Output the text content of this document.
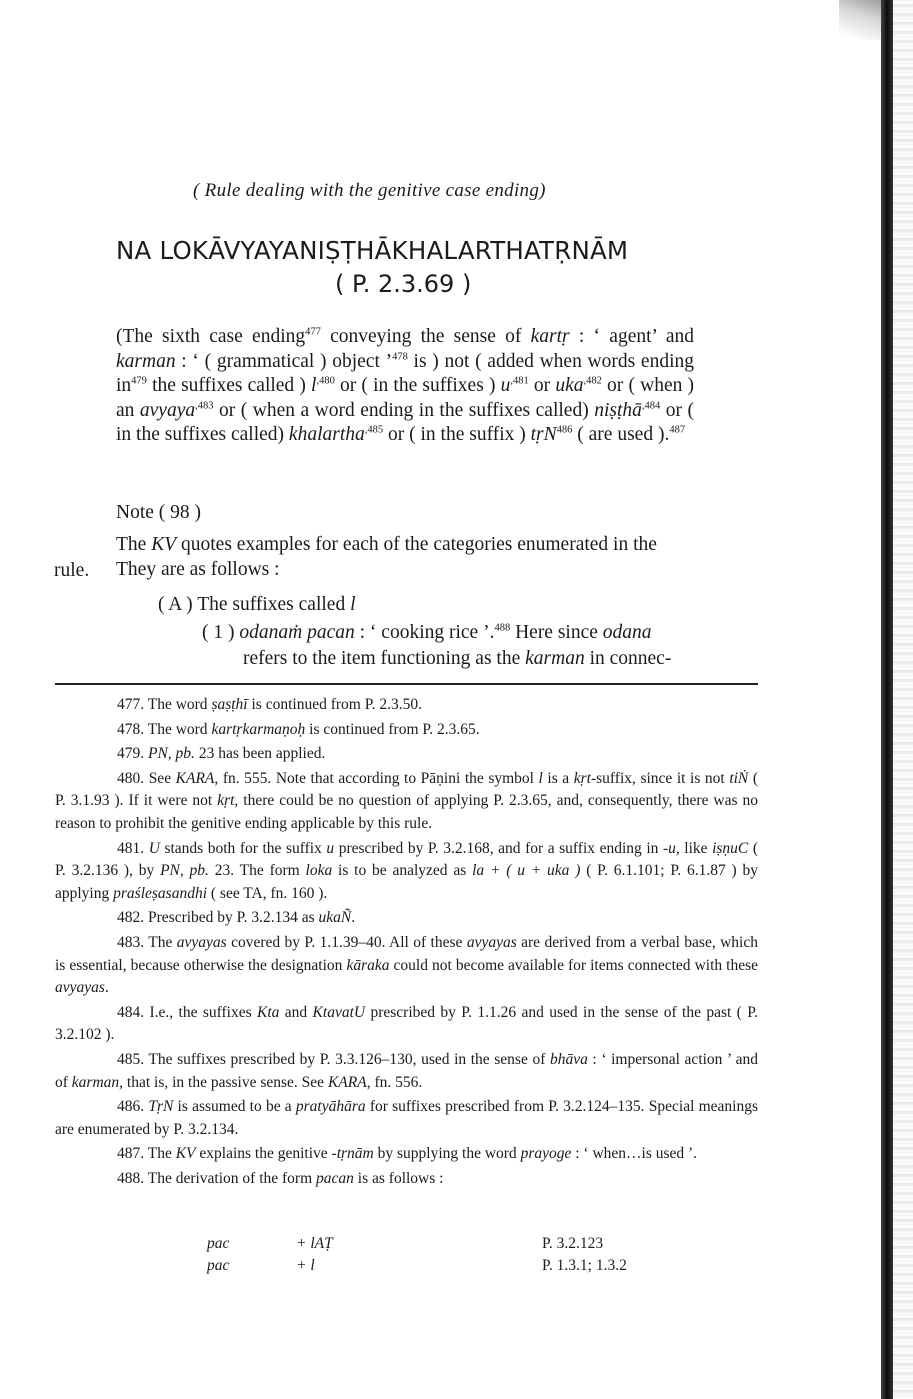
( Rule dealing with the genitive case ending)
NA LOKĀVYAYANIṢṬHĀKHALARTHATṚNĀM
( P. 2.3.69 )
(The sixth case ending$^{477}$ conveying the sense of kartṛ : ‘ agent’ and karman : ‘ ( grammatical ) object ’$^{478}$ is ) not ( added when words ending $in^{479}$ the suffixes called ) $l^{,480}$ or ( in the suffixes ) $u^{,481}$ or uka$^{,482}$ or ( when ) an avyaya$^{,483}$ or ( when a word ending in the suffixes called) niṣṭhā$^{,484}$ or ( in the suffixes called) khalartha$^{,485}$ or ( in the suffix ) tṛN$^{486}$ ( are used ).$^{487}$
Note ( 98 )
The KV quotes examples for each of the categories enumerated in the
They are as follows :
rule.
( A ) The suffixes called l
( 1 ) odanaṁ pacan : ‘ cooking rice ’.$^{488}$ Here since odana
refers to the item functioning as the karman in connec-

477. The word ṣaṣṭhī is continued from P. 2.3.50.

478. The word kartṛkarmaṇoḥ is continued from P. 2.3.65.

479. PN, pb. 23 has been applied.

480. See KARA, fn. 555. Note that according to Pāṇini the symbol l is a kṛt-suffix, since it is not tiṄ ( P. 3.1.93 ). If it were not kṛt, there could be no question of applying P. 2.3.65, and, consequently, there was no reason to prohibit the genitive ending applicable by this rule.

481. U stands both for the suffix u prescribed by P. 3.2.168, and for a suffix ending in -u, like iṣṇuC ( P. 3.2.136 ), by PN, pb. 23. The form loka is to be analyzed as la + ( u + uka ) ( P. 6.1.101; P. 6.1.87 ) by applying praśleṣasandhi ( see TA, fn. 160 ).

482. Prescribed by P. 3.2.134 as ukaÑ.

483. The avyayas covered by P. 1.1.39–40. All of these avyayas are derived from a verbal base, which is essential, because otherwise the designation kāraka could not become available for items connected with these avyayas.

484. I.e., the suffixes Kta and KtavatU prescribed by P. 1.1.26 and used in the sense of the past ( P. 3.2.102 ).

485. The suffixes prescribed by P. 3.3.126–130, used in the sense of bhāva : ‘ impersonal action ’ and of karman, that is, in the passive sense. See KARA, fn. 556.

486. TṛN is assumed to be a pratyāhāra for suffixes prescribed from P. 3.2.124–135. Special meanings are enumerated by P. 3.2.134.

487. The KV explains the genitive -tṛnām by supplying the word prayoge : ‘ when…is used ’.

488. The derivation of the form pacan is as follows :

pac	+ lAṬ	P. 3.2.123
pac	+ l	P. 1.3.1; 1.3.2
